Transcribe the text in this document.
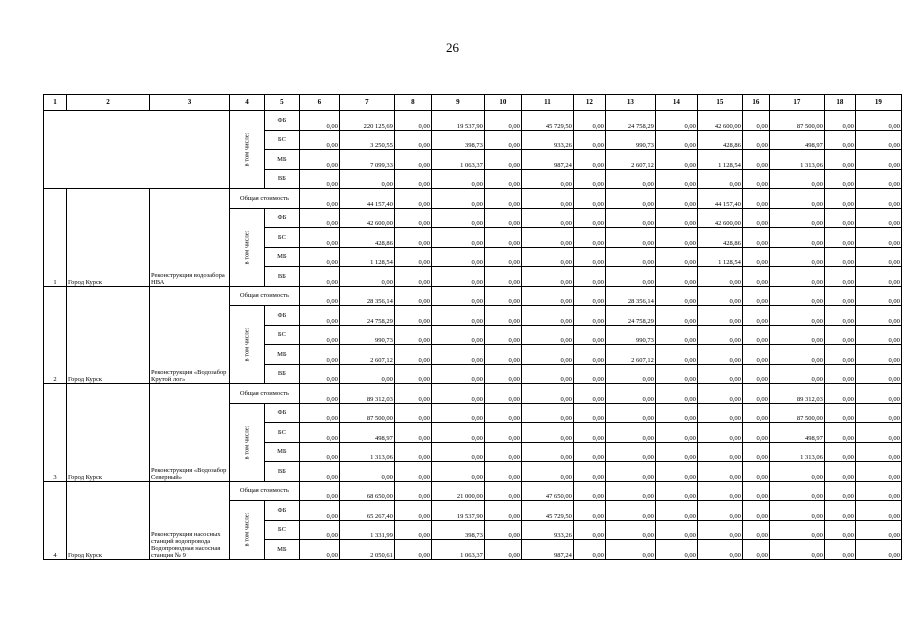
26
1	2	3	4	5	6	7	8	9	10	11	12	13	14	15	16	17	18	19
			в том числе:	ФБ	0,00	220 125,69	0,00	19 537,90	0,00	45 729,50	0,00	24 758,29	0,00	42 600,00	0,00	87 500,00	0,00	0,00
				БС	0,00	3 250,55	0,00	398,73	0,00	933,26	0,00	990,73	0,00	428,86	0,00	498,97	0,00	0,00
				МБ	0,00	7 099,33	0,00	1 063,37	0,00	987,24	0,00	2 607,12	0,00	1 128,54	0,00	1 313,06	0,00	0,00
				ВБ	0,00	0,00	0,00	0,00	0,00	0,00	0,00	0,00	0,00	0,00	0,00	0,00	0,00	0,00
1	Город Курск	Реконструкция водозабора НВА	Общая стоимость		0,00	44 157,40	0,00	0,00	0,00	0,00	0,00	0,00	0,00	44 157,40	0,00	0,00	0,00	0,00
			в том числе:	ФБ	0,00	42 600,00	0,00	0,00	0,00	0,00	0,00	0,00	0,00	42 600,00	0,00	0,00	0,00	0,00
				БС	0,00	428,86	0,00	0,00	0,00	0,00	0,00	0,00	0,00	428,86	0,00	0,00	0,00	0,00
				МБ	0,00	1 128,54	0,00	0,00	0,00	0,00	0,00	0,00	0,00	1 128,54	0,00	0,00	0,00	0,00
				ВБ	0,00	0,00	0,00	0,00	0,00	0,00	0,00	0,00	0,00	0,00	0,00	0,00	0,00	0,00
2	Город Курск	Реконструкция «Водозабор Крутой лог»	Общая стоимость		0,00	28 356,14	0,00	0,00	0,00	0,00	0,00	28 356,14	0,00	0,00	0,00	0,00	0,00	0,00
			в том числе:	ФБ	0,00	24 758,29	0,00	0,00	0,00	0,00	0,00	24 758,29	0,00	0,00	0,00	0,00	0,00	0,00
				БС	0,00	990,73	0,00	0,00	0,00	0,00	0,00	990,73	0,00	0,00	0,00	0,00	0,00	0,00
				МБ	0,00	2 607,12	0,00	0,00	0,00	0,00	0,00	2 607,12	0,00	0,00	0,00	0,00	0,00	0,00
				ВБ	0,00	0,00	0,00	0,00	0,00	0,00	0,00	0,00	0,00	0,00	0,00	0,00	0,00	0,00
3	Город Курск	Реконструкция «Водозабор Северный»	Общая стоимость		0,00	89 312,03	0,00	0,00	0,00	0,00	0,00	0,00	0,00	0,00	0,00	89 312,03	0,00	0,00
			в том числе:	ФБ	0,00	87 500,00	0,00	0,00	0,00	0,00	0,00	0,00	0,00	0,00	0,00	87 500,00	0,00	0,00
				БС	0,00	498,97	0,00	0,00	0,00	0,00	0,00	0,00	0,00	0,00	0,00	498,97	0,00	0,00
				МБ	0,00	1 313,06	0,00	0,00	0,00	0,00	0,00	0,00	0,00	0,00	0,00	1 313,06	0,00	0,00
				ВБ	0,00	0,00	0,00	0,00	0,00	0,00	0,00	0,00	0,00	0,00	0,00	0,00	0,00	0,00
4	Город Курск	Реконструкция насосных станций водопровода Водопроводная насосная станция № 9	Общая стоимость		0,00	68 650,00	0,00	21 000,00	0,00	47 650,00	0,00	0,00	0,00	0,00	0,00	0,00	0,00	0,00
			в том числе:	ФБ	0,00	65 267,40	0,00	19 537,90	0,00	45 729,50	0,00	0,00	0,00	0,00	0,00	0,00	0,00	0,00
				БС	0,00	1 331,99	0,00	398,73	0,00	933,26	0,00	0,00	0,00	0,00	0,00	0,00	0,00	0,00
				МБ	0,00	2 050,61	0,00	1 063,37	0,00	987,24	0,00	0,00	0,00	0,00	0,00	0,00	0,00	0,00
